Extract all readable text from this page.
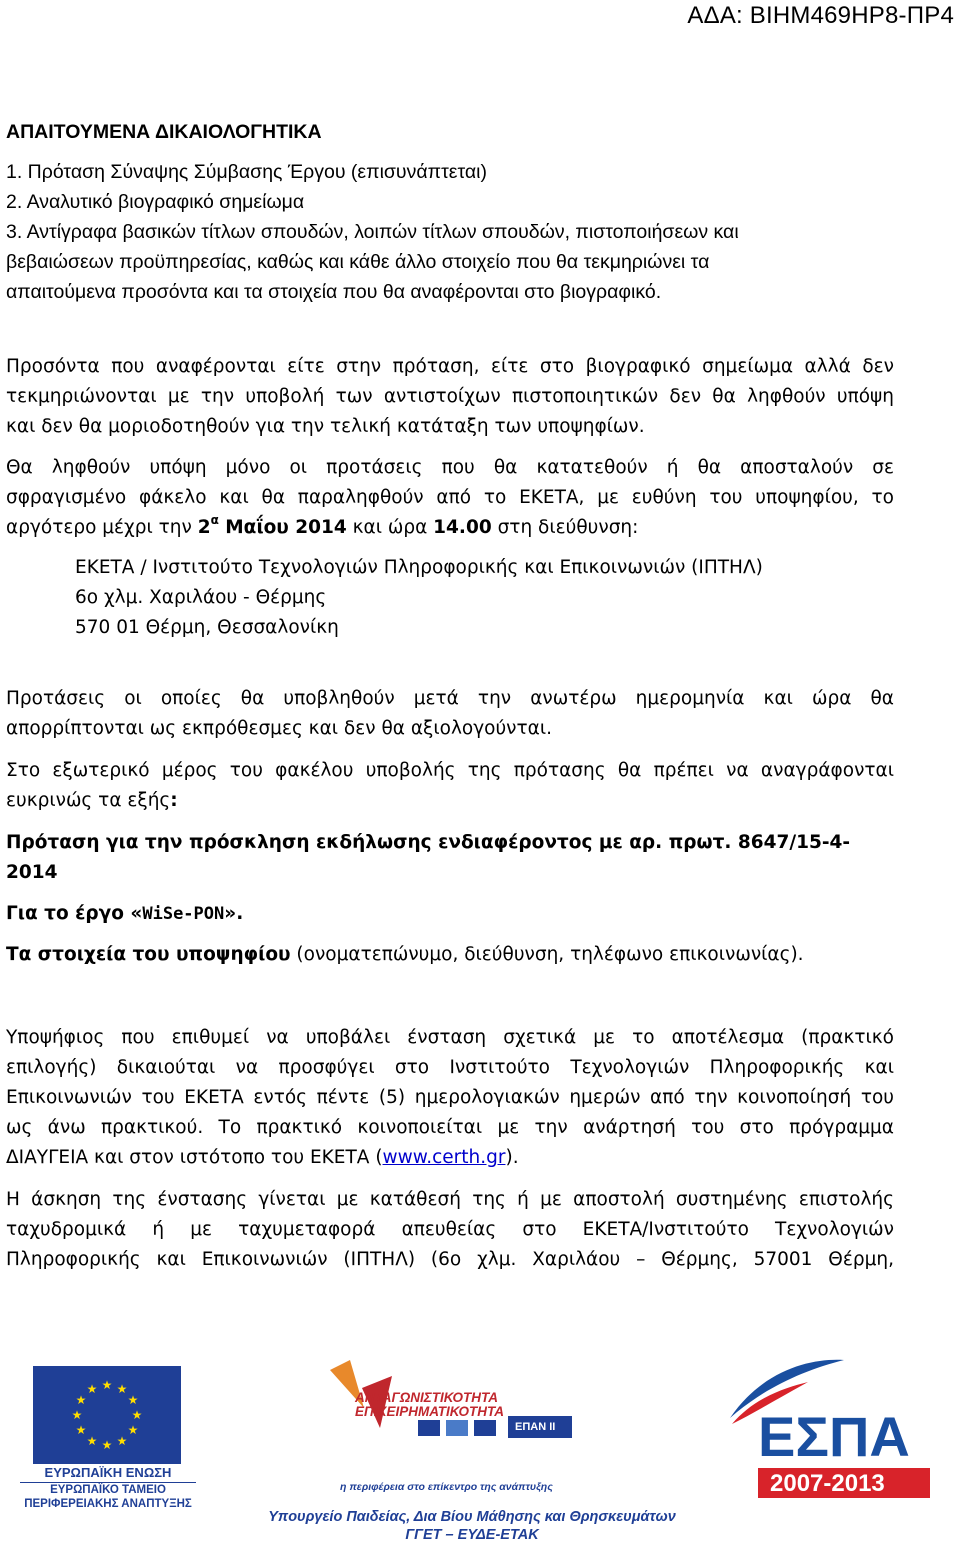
ΑΔΑ: ΒΙΗΜ469ΗΡ8-ΠΡ4
ΑΠΑΙΤΟΥΜΕΝΑ ΔΙΚΑΙΟΛΟΓΗΤΙΚΑ
1. Πρόταση Σύναψης Σύμβασης Έργου (επισυνάπτεται)
2. Αναλυτικό βιογραφικό σημείωμα
3. Αντίγραφα βασικών τίτλων σπουδών, λοιπών τίτλων σπουδών, πιστοποιήσεων και
βεβαιώσεων προϋπηρεσίας, καθώς και κάθε άλλο στοιχείο που θα τεκμηριώνει τα
απαιτούμενα προσόντα και τα στοιχεία που θα αναφέρονται στο βιογραφικό.
Προσόντα που αναφέρονται είτε στην πρόταση, είτε στο βιογραφικό σημείωμα αλλά δεν
τεκμηριώνονται με την υποβολή των αντιστοίχων πιστοποιητικών δεν θα ληφθούν υπόψη
και δεν θα μοριοδοτηθούν για την τελική κατάταξη των υποψηφίων.
Θα ληφθούν υπόψη μόνο οι προτάσεις που θα κατατεθούν ή θα αποσταλούν σε
σφραγισμένο φάκελο και θα παραληφθούν από το ΕΚΕΤΑ, με ευθύνη του υποψηφίου, το
αργότερο μέχρι την $2^\alpha$ Μαΐου 2014 και ώρα 14.00 στη διεύθυνση:
ΕΚΕΤΑ / Ινστιτούτο Τεχνολογιών Πληροφορικής και Επικοινωνιών (ΙΠΤΗΛ)
6ο χλμ. Χαριλάου - Θέρμης
570 01 Θέρμη, Θεσσαλονίκη
Προτάσεις οι οποίες θα υποβληθούν μετά την ανωτέρω ημερομηνία και ώρα θα
απορρίπτονται ως εκπρόθεσμες και δεν θα αξιολογούνται.
Στο εξωτερικό μέρος του φακέλου υποβολής της πρότασης θα πρέπει να αναγράφονται
ευκρινώς τα εξής:
Πρόταση για την πρόσκληση εκδήλωσης ενδιαφέροντος με αρ. πρωτ. 8647/15-4-
2014
Για το έργο «WiSe-PON».
Τα στοιχεία του υποψηφίου (ονοματεπώνυμο, διεύθυνση, τηλέφωνο επικοινωνίας).
Υποψήφιος που επιθυμεί να υποβάλει ένσταση σχετικά με το αποτέλεσμα (πρακτικό
επιλογής) δικαιούται να προσφύγει στο Ινστιτούτο Τεχνολογιών Πληροφορικής και
Επικοινωνιών του ΕΚΕΤΑ εντός πέντε (5) ημερολογιακών ημερών από την κοινοποίησή του
ως άνω πρακτικού. Το πρακτικό κοινοποιείται με την ανάρτησή του στο πρόγραμμα
ΔΙΑΥΓΕΙΑ και στον ιστότοπο του ΕΚΕΤΑ (www.certh.gr).
Η άσκηση της ένστασης γίνεται με κατάθεσή της ή με αποστολή συστημένης επιστολής
ταχυδρομικά ή με ταχυμεταφορά απευθείας στο ΕΚΕΤΑ/Ινστιτούτο Τεχνολογιών
Πληροφορικής και Επικοινωνιών (ΙΠΤΗΛ) (6ο χλμ. Χαριλάου – Θέρμης, 57001 Θέρμη,
★ ★
★
★
★
★
★
★
★
★
★
★
ΕΥΡΩΠΑΪΚΗ ΕΝΩΣΗ
ΕΥΡΩΠΑΪΚΟ ΤΑΜΕΙΟ
ΠΕΡΙΦΕΡΕΙΑΚΗΣ ΑΝΑΠΤΥΞΗΣ
ΑΝΤΑΓΩΝΙΣΤΙΚΟΤΗΤΑ
ΕΠΙΧΕΙΡΗΜΑΤΙΚΟΤΗΤΑ
ΕΠΑΝ ΙΙ
η περιφέρεια στο επίκεντρο της ανάπτυξης
Υπουργείο Παιδείας, Δια Βίου Μάθησης και Θρησκευμάτων
ΓΓΕΤ – ΕΥΔΕ-ΕΤΑΚ
ΕΣΠΑ
2007-2013
